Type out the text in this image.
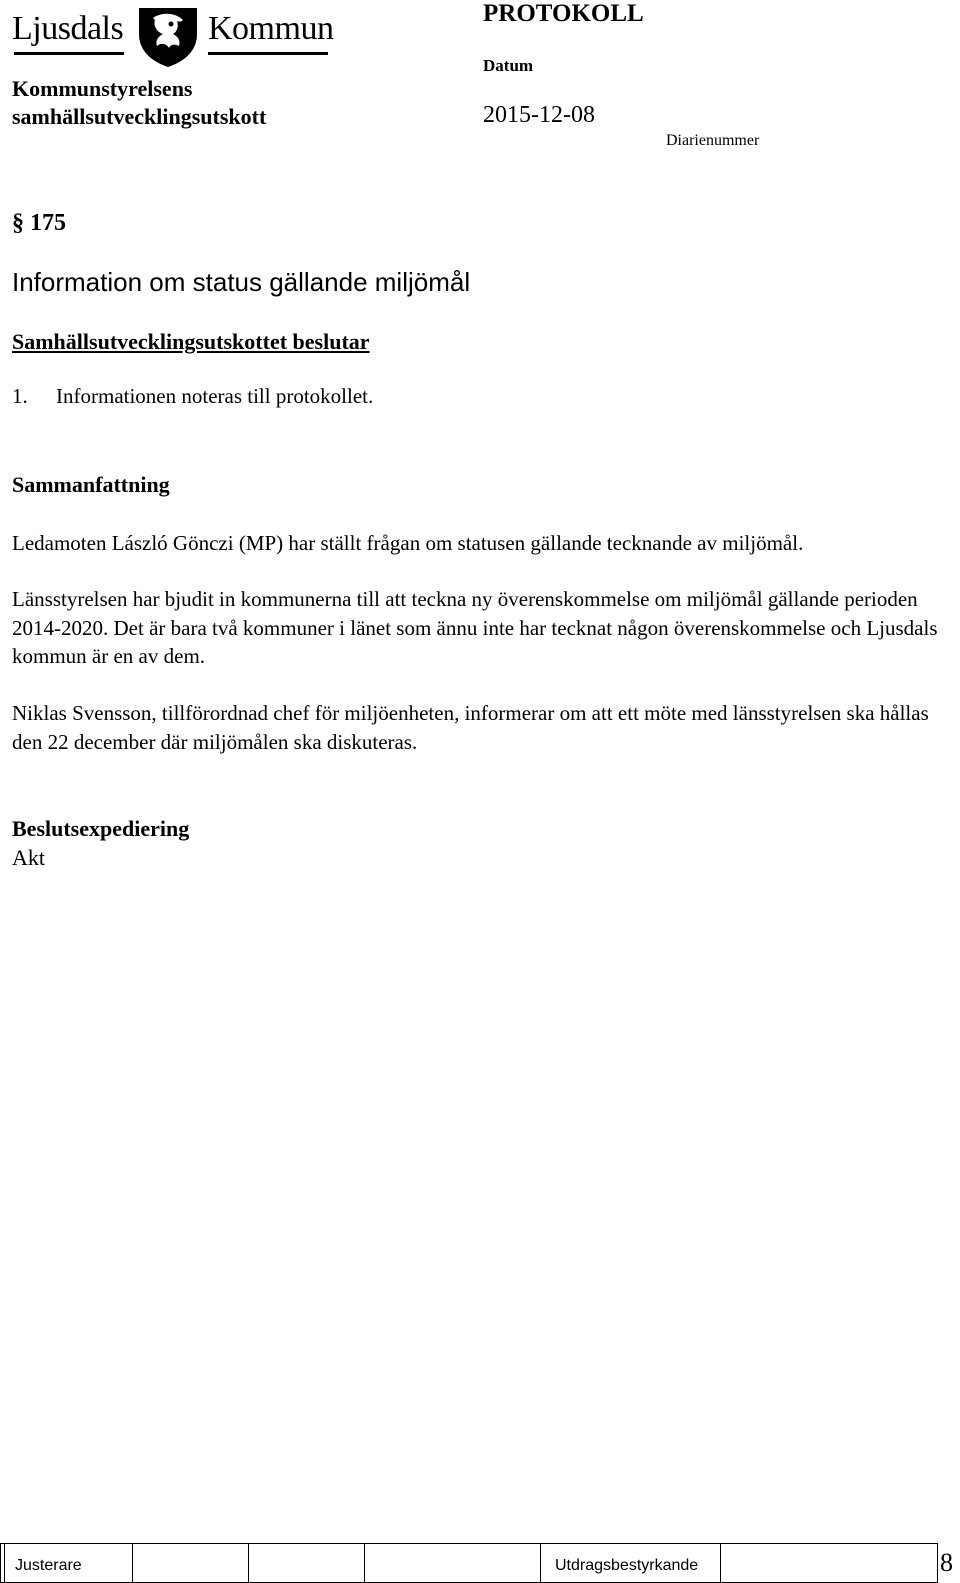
Ljusdals Kommun	PROTOKOLL
Kommunstyrelsens
samhällsutvecklingsutskott
Datum
2015-12-08
Diarienummer
§ 175
Information om status gällande miljömål
Samhällsutvecklingsutskottet beslutar
1. Informationen noteras till protokollet.
Sammanfattning
Ledamoten László Gönczi (MP) har ställt frågan om statusen gällande tecknande av miljömål.
Länsstyrelsen har bjudit in kommunerna till att teckna ny överenskommelse om miljömål gällande perioden 2014-2020. Det är bara två kommuner i länet som ännu inte har tecknat någon överenskommelse och Ljusdals kommun är en av dem.
Niklas Svensson, tillförordnad chef för miljöenheten, informerar om att ett möte med länsstyrelsen ska hållas den 22 december där miljömålen ska diskuteras.
Beslutsexpediering
Akt
Justerare	Utdragsbestyrkande	8
